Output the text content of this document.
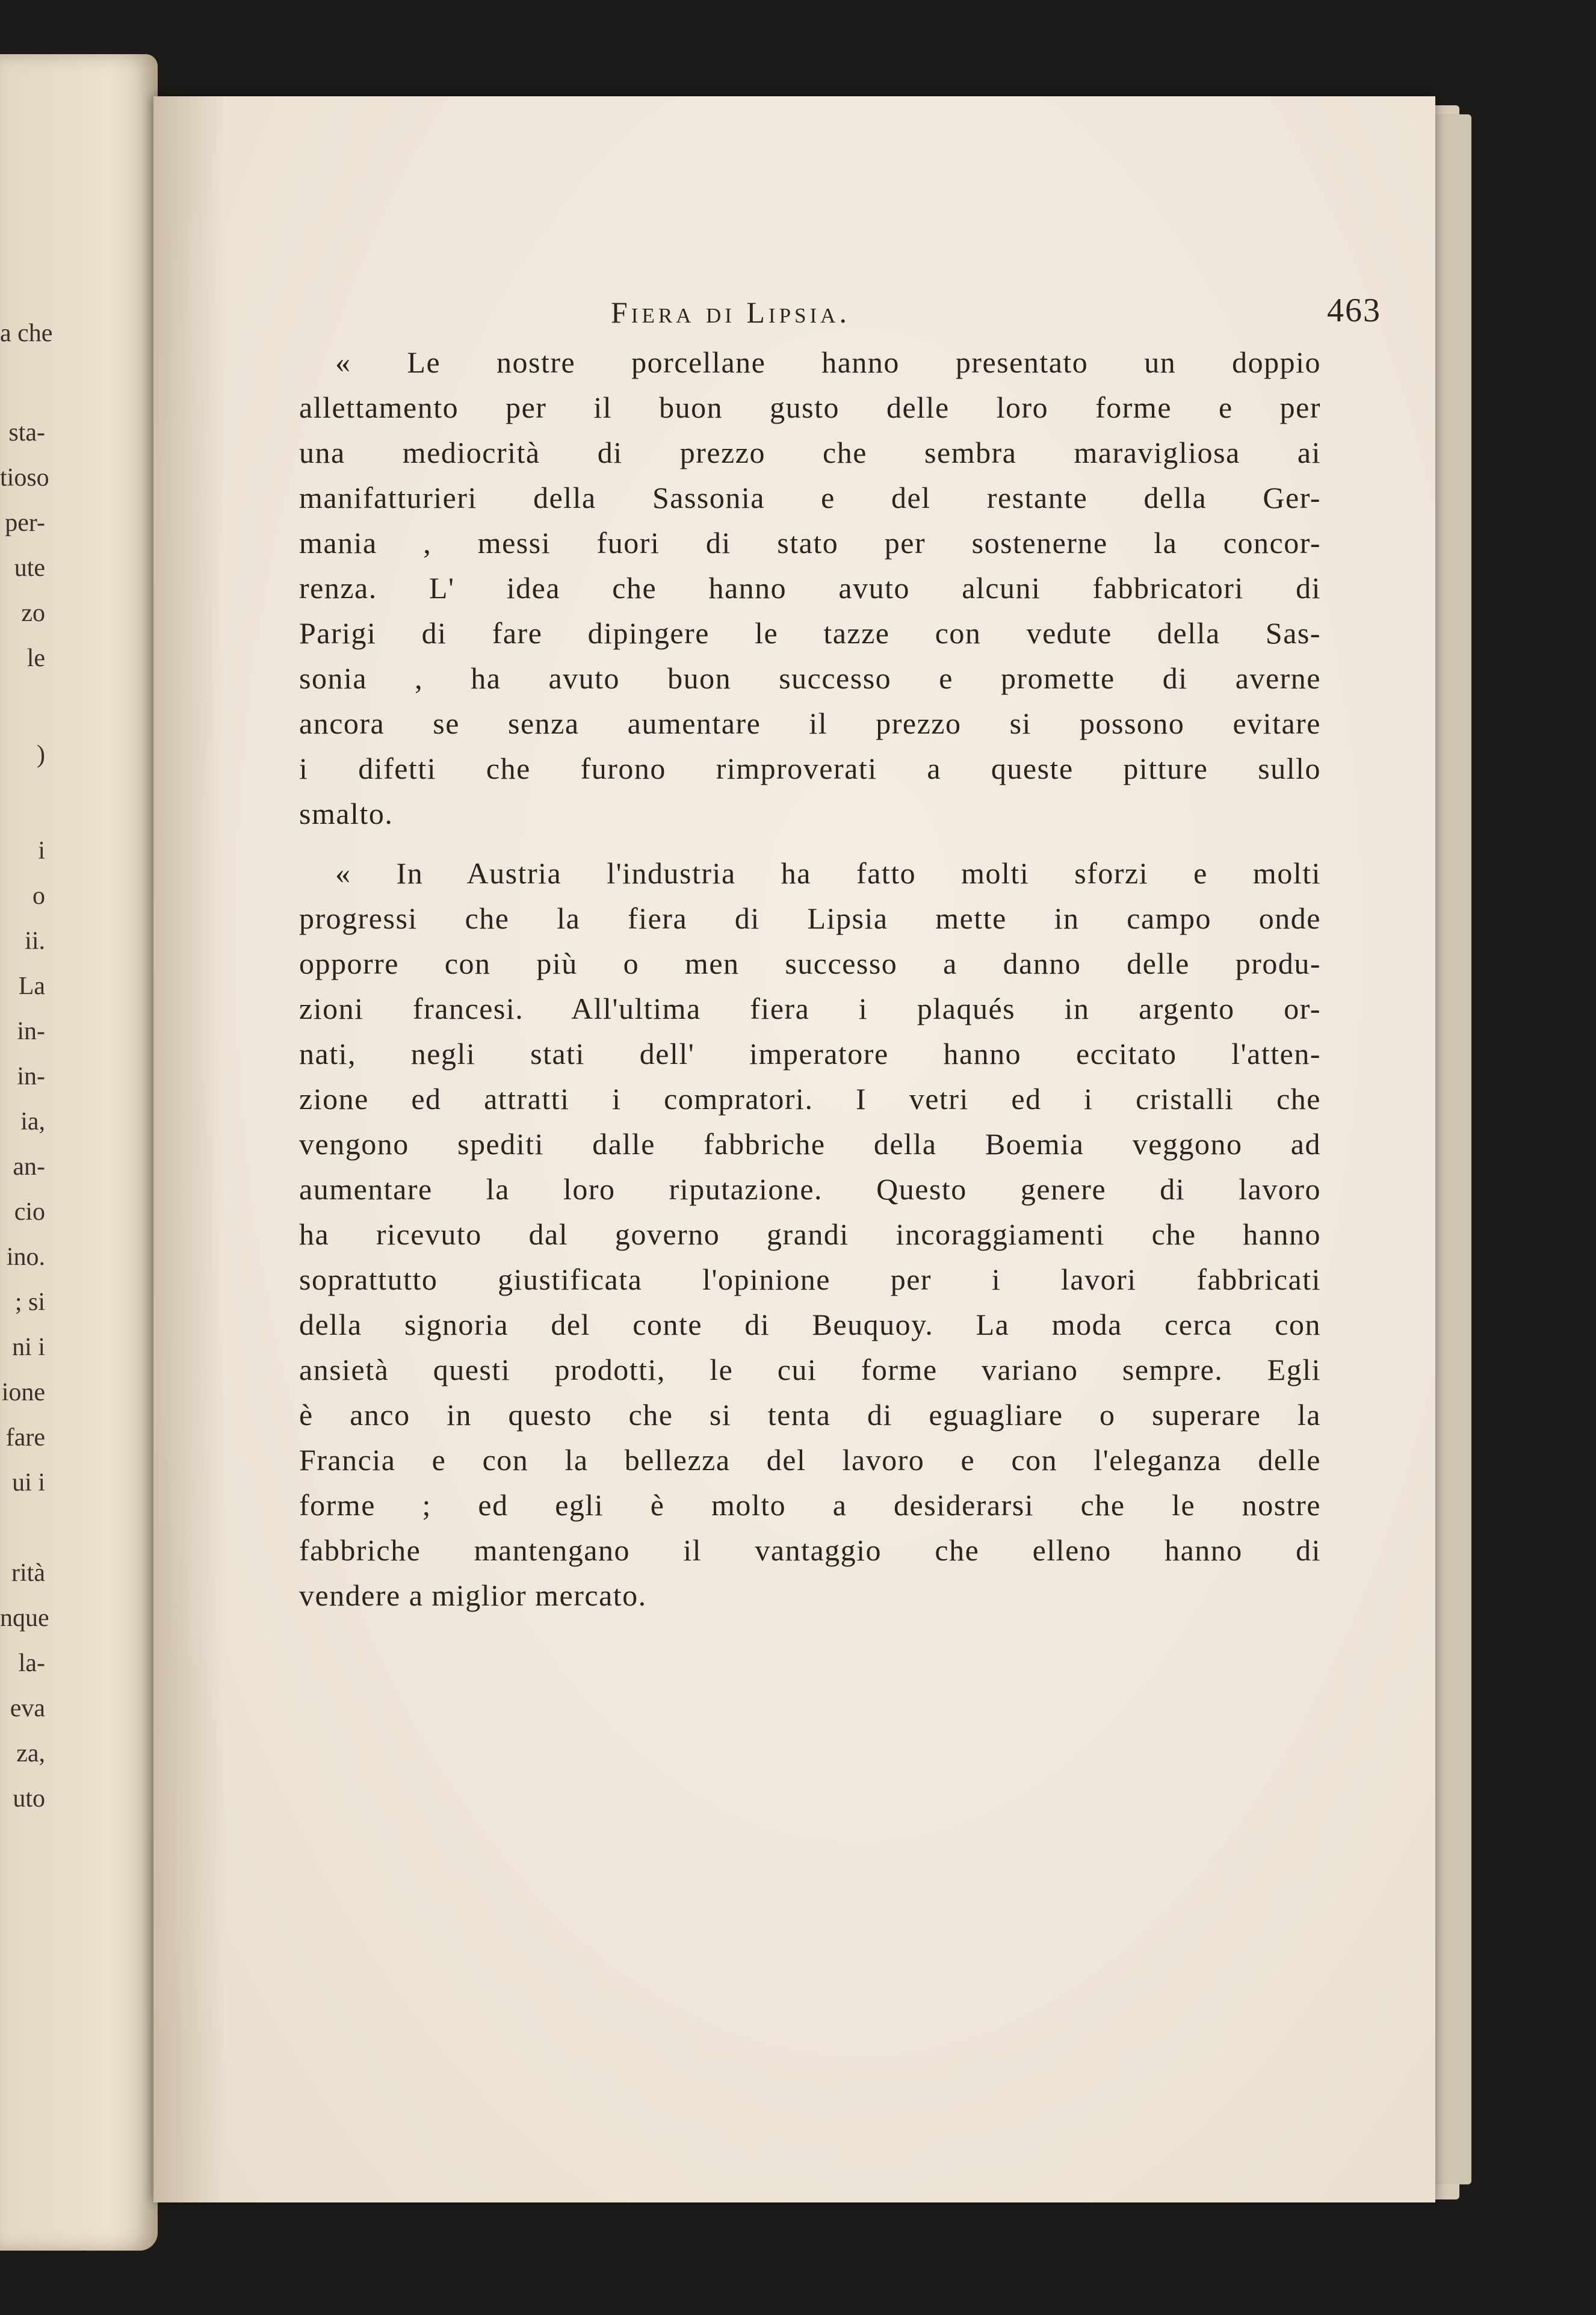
a che
sta-
tioso
per-
ute
zo
le
)
i
o
ii.
La
in-
in-
ia,
an-
cio
ino.
; si
ni i
ione
fare
ui i
rità
nque
la-
eva
za,
uto
Fiera di Lipsia.	463
« Le nostre porcellane hanno presentato un doppio
allettamento per il buon gusto delle loro forme e per
una mediocrità di prezzo che sembra maravigliosa ai
manifatturieri della Sassonia e del restante della Ger-
mania , messi fuori di stato per sostenerne la concor-
renza. L' idea che hanno avuto alcuni fabbricatori di
Parigi di fare dipingere le tazze con vedute della Sas-
sonia , ha avuto buon successo e promette di averne
ancora se senza aumentare il prezzo si possono evitare
i difetti che furono rimproverati a queste pitture sullo
smalto.
« In Austria l'industria ha fatto molti sforzi e molti
progressi che la fiera di Lipsia mette in campo onde
opporre con più o men successo a danno delle produ-
zioni francesi. All'ultima fiera i plaqués in argento or-
nati, negli stati dell' imperatore hanno eccitato l'atten-
zione ed attratti i compratori. I vetri ed i cristalli che
vengono spediti dalle fabbriche della Boemia veggono ad
aumentare la loro riputazione. Questo genere di lavoro
ha ricevuto dal governo grandi incoraggiamenti che hanno
soprattutto giustificata l'opinione per i lavori fabbricati
della signoria del conte di Beuquoy. La moda cerca con
ansietà questi prodotti, le cui forme variano sempre. Egli
è anco in questo che si tenta di eguagliare o superare la
Francia e con la bellezza del lavoro e con l'eleganza delle
forme ; ed egli è molto a desiderarsi che le nostre
fabbriche mantengano il vantaggio che elleno hanno di
vendere a miglior mercato.
